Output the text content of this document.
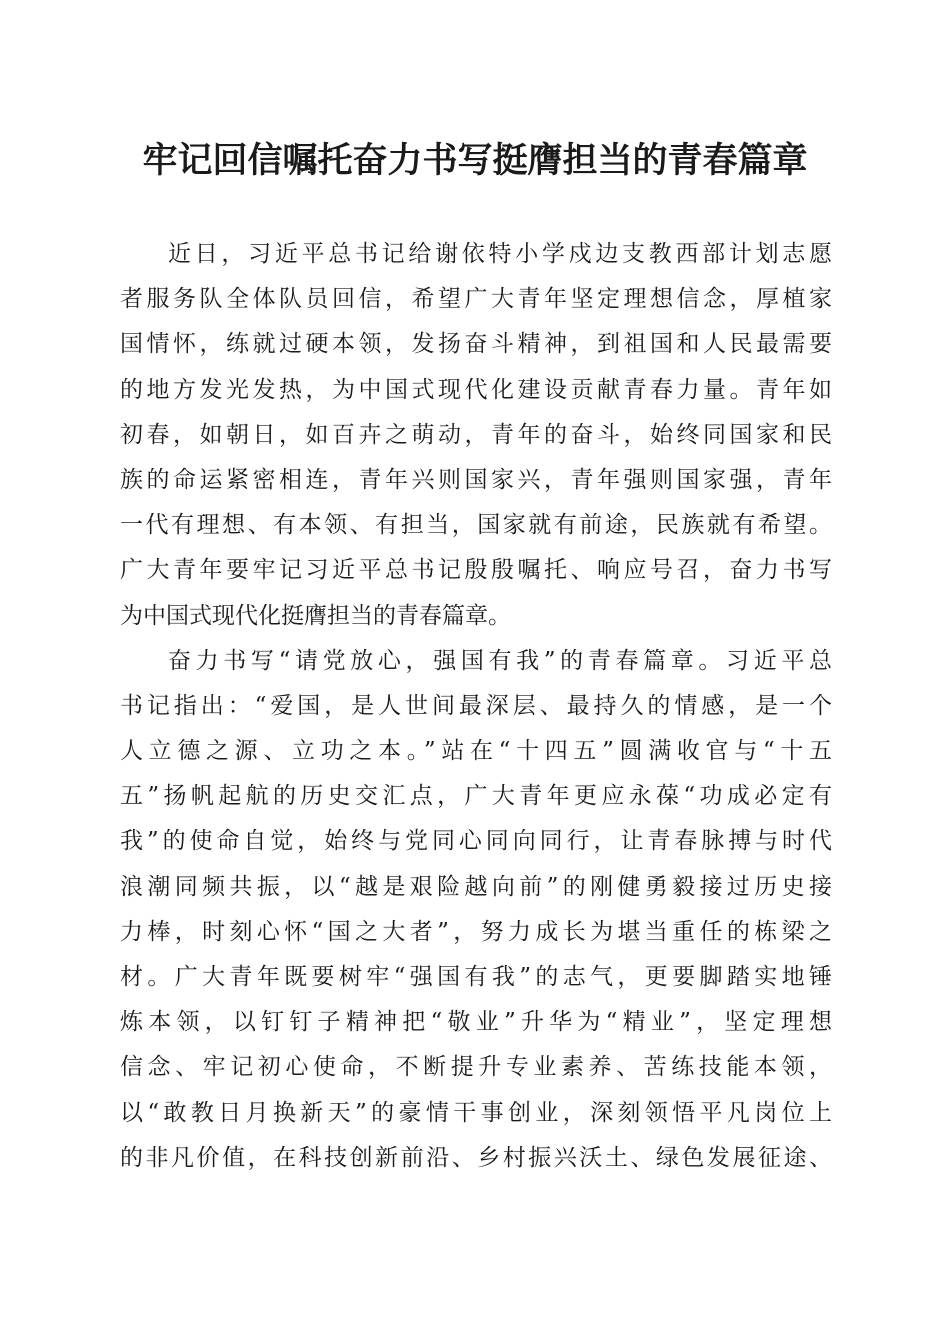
牢记回信嘱托奋力书写挺膺担当的青春篇章
近日，习近平总书记给谢依特小学戍边支教西部计划志愿
者服务队全体队员回信，希望广大青年坚定理想信念，厚植家
国情怀，练就过硬本领，发扬奋斗精神，到祖国和人民最需要
的地方发光发热，为中国式现代化建设贡献青春力量。青年如
初春，如朝日，如百卉之萌动，青年的奋斗，始终同国家和民
族的命运紧密相连，青年兴则国家兴，青年强则国家强，青年
一代有理想、有本领、有担当，国家就有前途，民族就有希望。
广大青年要牢记习近平总书记殷殷嘱托、响应号召，奋力书写
为中国式现代化挺膺担当的青春篇章。
奋力书写“请党放心，强国有我”的青春篇章。习近平总
书记指出：“爱国，是人世间最深层、最持久的情感，是一个
人立德之源、立功之本。”站在“十四五”圆满收官与“十五
五”扬帆起航的历史交汇点，广大青年更应永葆“功成必定有
我”的使命自觉，始终与党同心同向同行，让青春脉搏与时代
浪潮同频共振，以“越是艰险越向前”的刚健勇毅接过历史接
力棒，时刻心怀“国之大者”，努力成长为堪当重任的栋梁之
材。广大青年既要树牢“强国有我”的志气，更要脚踏实地锤
炼本领，以钉钉子精神把“敬业”升华为“精业”，坚定理想
信念、牢记初心使命，不断提升专业素养、苦练技能本领，
以“敢教日月换新天”的豪情干事创业，深刻领悟平凡岗位上
的非凡价值，在科技创新前沿、乡村振兴沃土、绿色发展征途、
